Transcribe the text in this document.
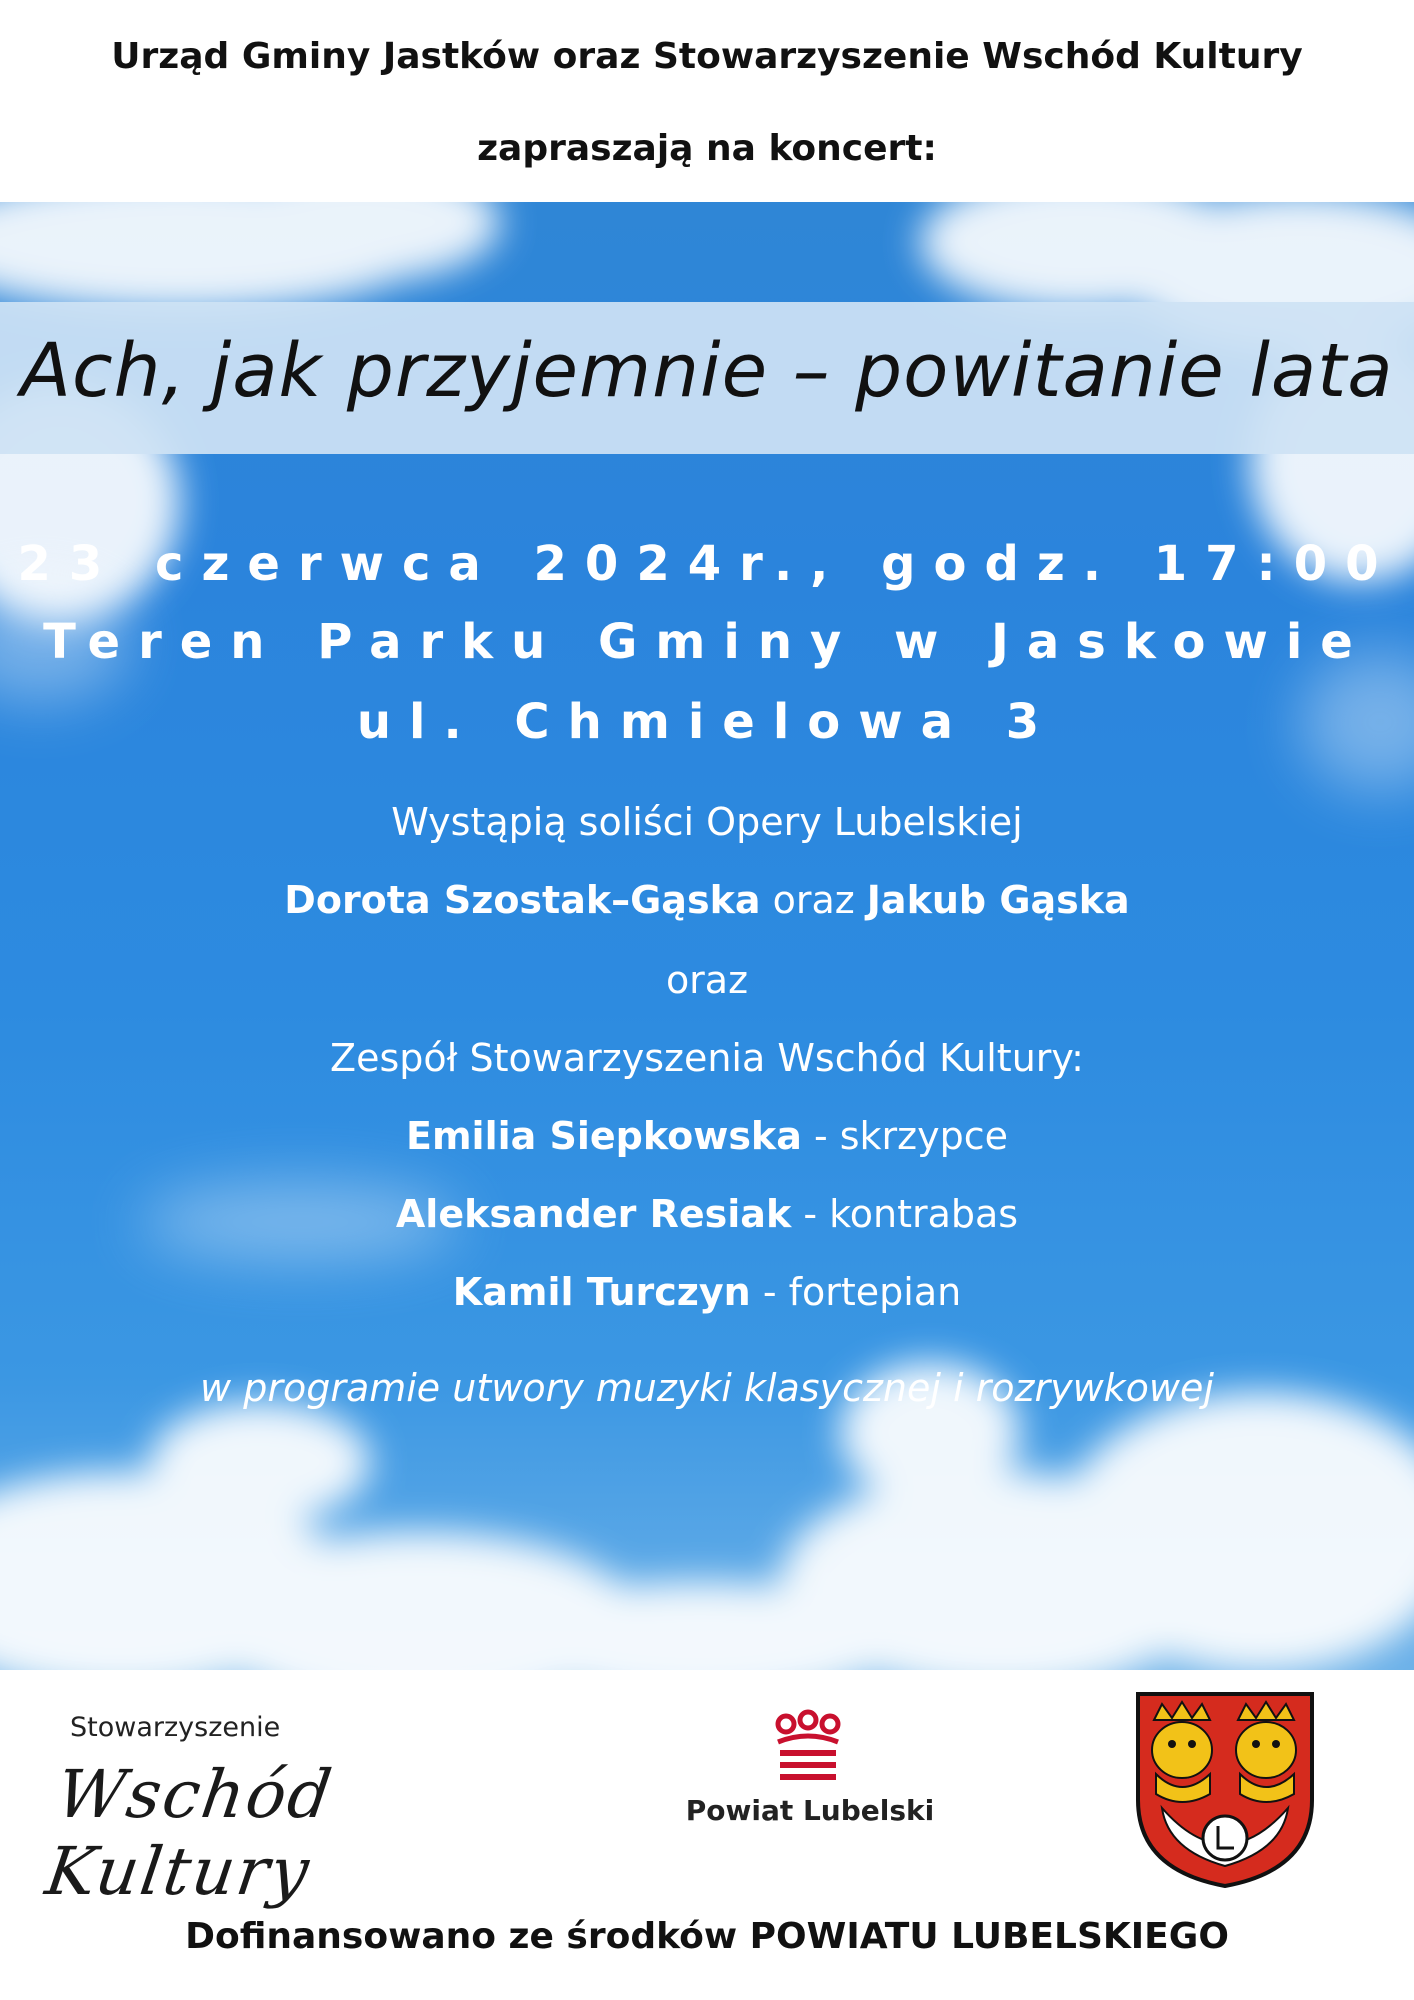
Urząd Gminy Jastków oraz Stowarzyszenie Wschód Kultury
zapraszają na koncert:
Ach, jak przyjemnie – powitanie lata
23 czerwca 2024r., godz. 17:00
Teren Parku Gminy w Jaskowie
ul. Chmielowa 3
Wystąpią soliści Opery Lubelskiej
Dorota Szostak–Gąska oraz Jakub Gąska
oraz
Zespół Stowarzyszenia Wschód Kultury:
Emilia Siepkowska - skrzypce
Aleksander Resiak - kontrabas
Kamil Turczyn - fortepian
w programie utwory muzyki klasycznej i rozrywkowej
Stowarzyszenie
Wschód Kultury
Powiat Lubelski
Dofinansowano ze środków POWIATU LUBELSKIEGO
